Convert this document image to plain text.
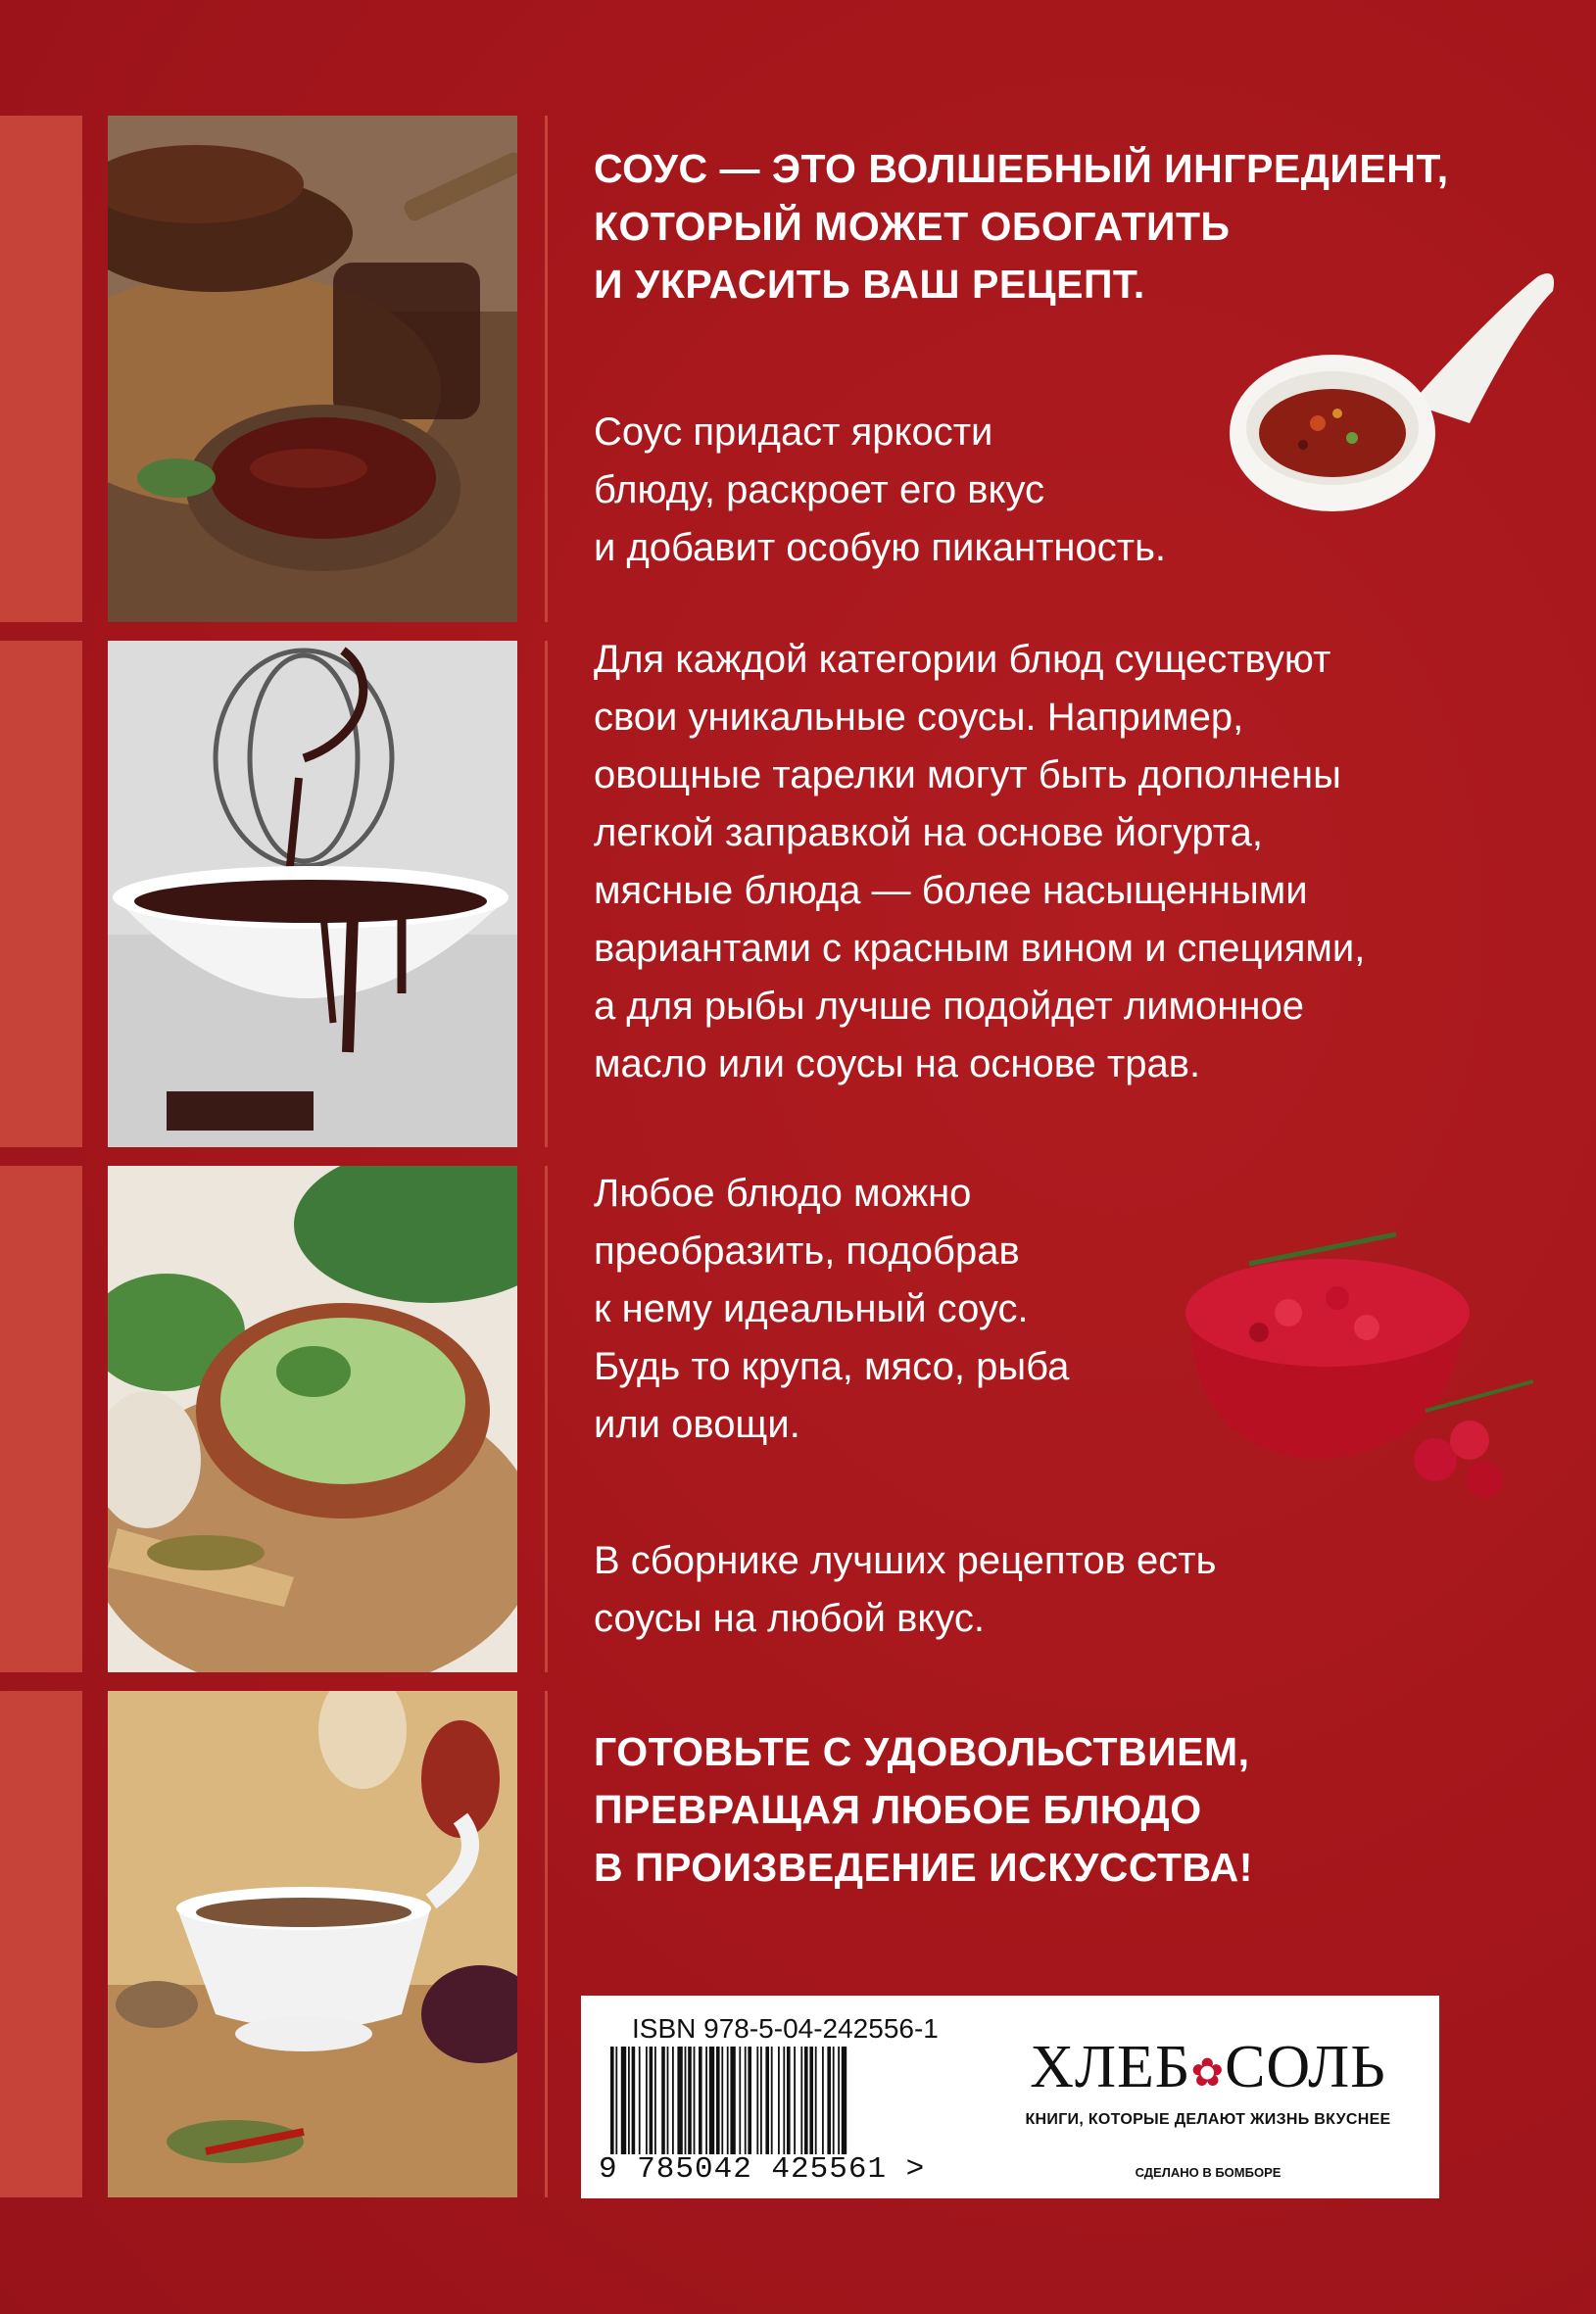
СОУС — ЭТО ВОЛШЕБНЫЙ ИНГРЕДИЕНТ,
КОТОРЫЙ МОЖЕТ ОБОГАТИТЬ
И УКРАСИТЬ ВАШ РЕЦЕПТ.

Соус придаст яркости
блюду, раскроет его вкус
и добавит особую пикантность.

Для каждой категории блюд существуют
свои уникальные соусы. Например,
овощные тарелки могут быть дополнены
легкой заправкой на основе йогурта,
мясные блюда — более насыщенными
вариантами с красным вином и специями,
а для рыбы лучше подойдет лимонное
масло или соусы на основе трав.

Любое блюдо можно
преобразить, подобрав
к нему идеальный соус.
Будь то крупа, мясо, рыба
или овощи.

В сборнике лучших рецептов есть
соусы на любой вкус.

ГОТОВЬТЕ С УДОВОЛЬСТВИЕМ,
ПРЕВРАЩАЯ ЛЮБОЕ БЛЮДО
В ПРОИЗВЕДЕНИЕ ИСКУССТВА!

ISBN 978-5-04-242556-1
9 785042 425561 >
ХЛЕБ✿СОЛЬ
КНИГИ, КОТОРЫЕ ДЕЛАЮТ ЖИЗНЬ ВКУСНЕЕ
СДЕЛАНО В БОМБОРЕ
